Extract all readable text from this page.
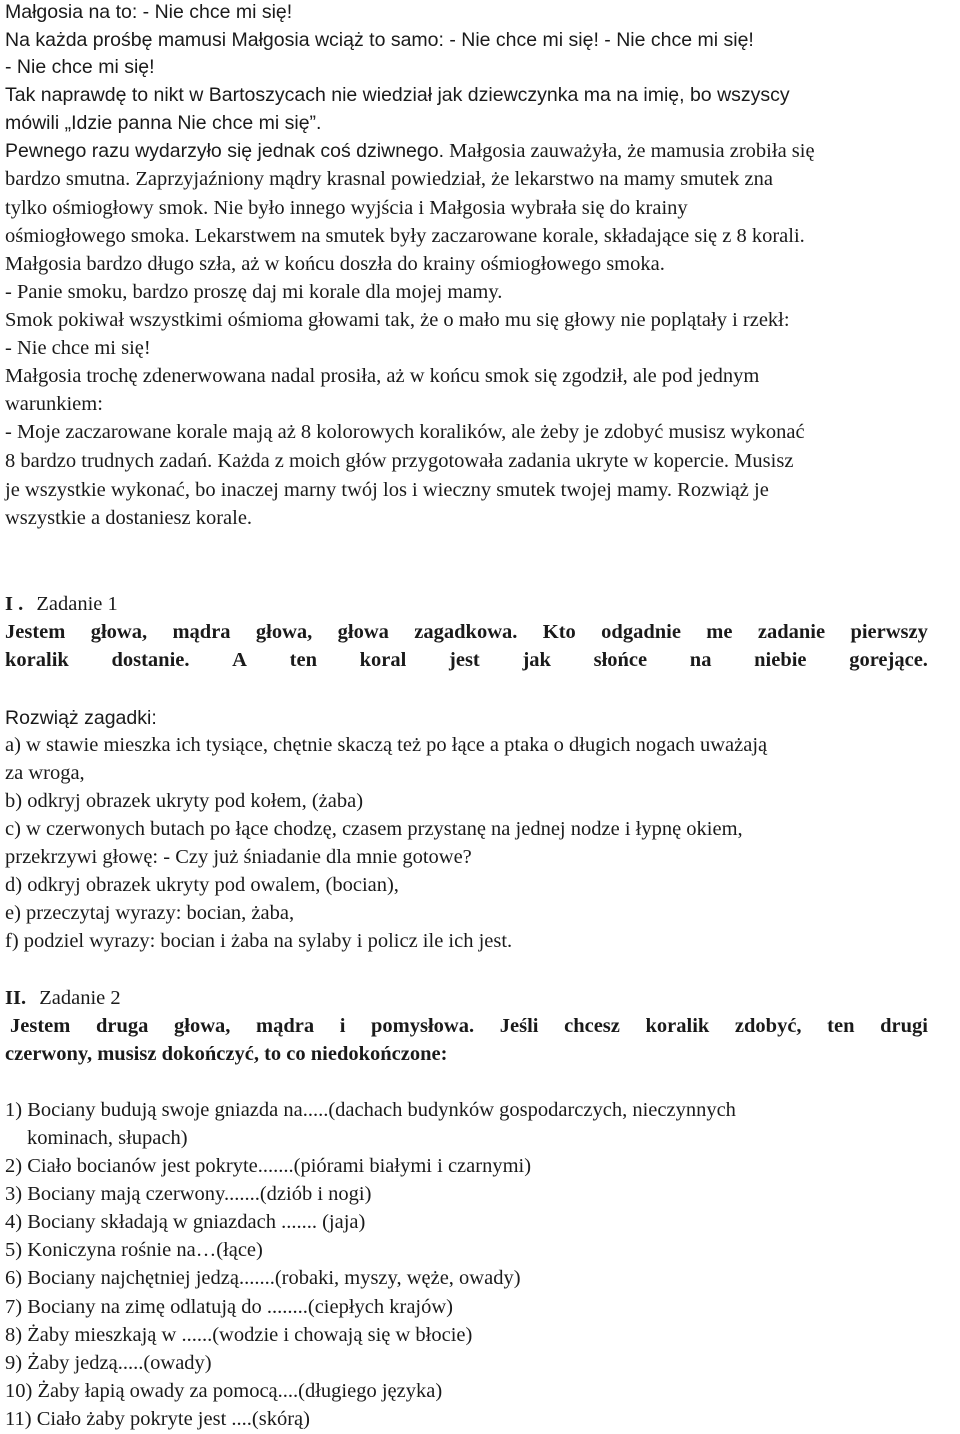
Małgosia na to: - Nie chce mi się!
Na każda prośbę mamusi Małgosia wciąż to samo: - Nie chce mi się! - Nie chce mi się!
- Nie chce mi się!
Tak naprawdę to nikt w Bartoszycach nie wiedział jak dziewczynka ma na imię, bo wszyscy
mówili „Idzie panna Nie chce mi się”.
Pewnego razu wydarzyło się jednak coś dziwnego. Małgosia zauważyła, że mamusia zrobiła się
bardzo smutna. Zaprzyjaźniony mądry krasnal powiedział, że lekarstwo na mamy smutek zna
tylko ośmiogłowy smok. Nie było innego wyjścia i Małgosia wybrała się do krainy
ośmiogłowego smoka. Lekarstwem na smutek były zaczarowane korale, składające się z 8 korali.
Małgosia bardzo długo szła, aż w końcu doszła do krainy ośmiogłowego smoka.
- Panie smoku, bardzo proszę daj mi korale dla mojej mamy.
Smok pokiwał wszystkimi ośmioma głowami tak, że o mało mu się głowy nie poplątały i rzekł:
- Nie chce mi się!
Małgosia trochę zdenerwowana nadal prosiła, aż w końcu smok się zgodził, ale pod jednym
warunkiem:
- Moje zaczarowane korale mają aż 8 kolorowych koralików, ale żeby je zdobyć musisz wykonać
8 bardzo trudnych zadań. Każda z moich głów przygotowała zadania ukryte w kopercie. Musisz
je wszystkie wykonać, bo inaczej marny twój los i wieczny smutek twojej mamy. Rozwiąż je
wszystkie a dostaniesz korale.
I . Zadanie 1
Jestem głowa, mądra głowa, głowa zagadkowa. Kto odgadnie me zadanie pierwszy
koralik dostanie. A ten koral jest jak słońce na niebie gorejące.
Rozwiąż zagadki:
a) w stawie mieszka ich tysiące, chętnie skaczą też po łące a ptaka o długich nogach uważają
za wroga,
b) odkryj obrazek ukryty pod kołem, (żaba)
c) w czerwonych butach po łące chodzę, czasem przystanę na jednej nodze i łypnę okiem,
przekrzywi głowę: - Czy już śniadanie dla mnie gotowe?
d) odkryj obrazek ukryty pod owalem, (bocian),
e) przeczytaj wyrazy: bocian, żaba,
f) podziel wyrazy: bocian i żaba na sylaby i policz ile ich jest.
II. Zadanie 2
Jestem druga głowa, mądra i pomysłowa. Jeśli chcesz koralik zdobyć, ten drugi
czerwony, musisz dokończyć, to co niedokończone:
1) Bociany budują swoje gniazda na.....(dachach budynków gospodarczych, nieczynnych
kominach, słupach)
2) Ciało bocianów jest pokryte.......(piórami białymi i czarnymi)
3) Bociany mają czerwony.......(dziób i nogi)
4) Bociany składają w gniazdach ....... (jaja)
5) Koniczyna rośnie na…(łące)
6) Bociany najchętniej jedzą.......(robaki, myszy, węże, owady)
7) Bociany na zimę odlatują do ........(ciepłych krajów)
8) Żaby mieszkają w ......(wodzie i chowają się w błocie)
9) Żaby jedzą.....(owady)
10) Żaby łapią owady za pomocą....(długiego języka)
11) Ciało żaby pokryte jest ....(skórą)
